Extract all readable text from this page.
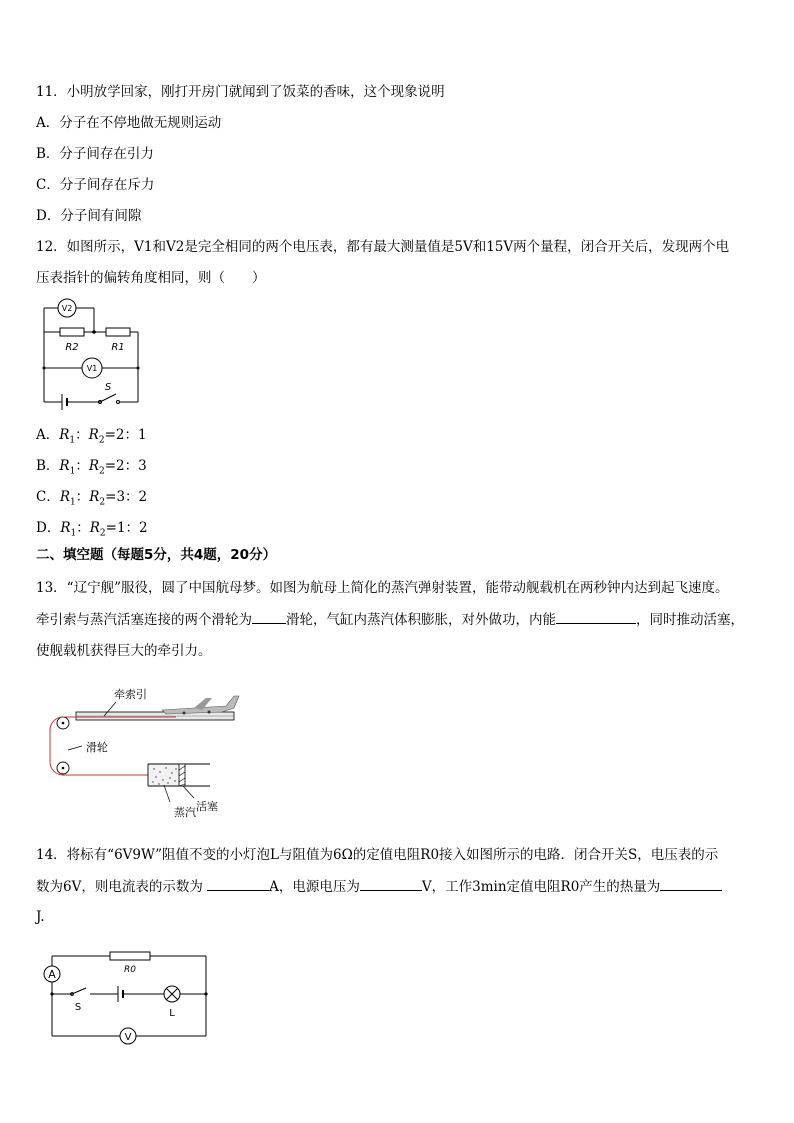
11．小明放学回家，刚打开房门就闻到了饭菜的香味，这个现象说明
A．分子在不停地做无规则运动
B．分子间存在引力
C．分子间存在斥力
D．分子间有间隙
12．如图所示，V1和V2是完全相同的两个电压表，都有最大测量值是5V和15V两个量程，闭合开关后，发现两个电
压表指针的偏转角度相同，则（　　）
V2
V1
R2	R1
S
A．$R_1$：$R_2=2$：1
B．$R_1$：$R_2=2$：3
C．$R_1$：$R_2=3$：2
D．$R_1$：$R_2=1$：2
二、填空题（每题5分，共4题，20分）
13．“辽宁舰”服役，圆了中国航母梦。如图为航母上简化的蒸汽弹射装置，能带动舰载机在两秒钟内达到起飞速度。
牵引索与蒸汽活塞连接的两个滑轮为	滑轮，气缸内蒸汽体积膨胀，对外做功，内能	，同时推动活塞，
使舰载机获得巨大的牵引力。
牵索引
滑轮
蒸汽 活塞
14．将标有“6V9W”阻值不变的小灯泡L与阻值为6Ω的定值电阻R0接入如图所示的电路．闭合开关S，电压表的示
数为6V，则电流表的示数为	A，电源电压为	V，工作3min定值电阻R0产生的热量为
J.
A
V
R0
S
L
